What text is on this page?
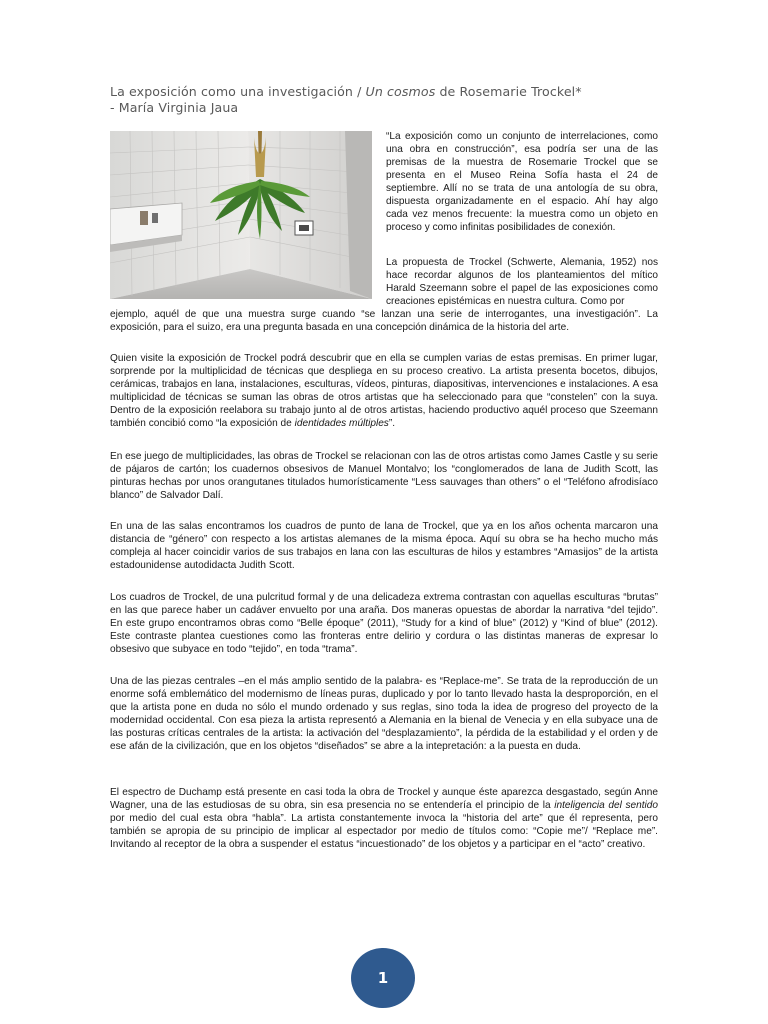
La exposición como una investigación / Un cosmos de Rosemarie Trockel*
- María Virginia Jaua

“La exposición como un conjunto de interrelaciones, como una obra en construcción”, esa podría ser una de las premisas de la muestra de Rosemarie Trockel que se presenta en el Museo Reina Sofía hasta el 24 de septiembre. Allí no se trata de una antología de su obra, dispuesta organizadamente en el espacio. Ahí hay algo cada vez menos frecuente: la muestra como un objeto en proceso y como infinitas posibilidades de conexión.

La propuesta de Trockel (Schwerte, Alemania, 1952) nos hace recordar algunos de los planteamientos del mítico Harald Szeemann sobre el papel de las exposiciones como creaciones epistémicas en nuestra cultura. Como por

ejemplo, aquél de que una muestra surge cuando “se lanzan una serie de interrogantes, una investigación”. La exposición, para el suizo, era una pregunta basada en una concepción dinámica de la historia del arte.

Quien visite la exposición de Trockel podrá descubrir que en ella se cumplen varias de estas premisas. En primer lugar, sorprende por la multiplicidad de técnicas que despliega en su proceso creativo. La artista presenta bocetos, dibujos, cerámicas, trabajos en lana, instalaciones, esculturas, vídeos, pinturas, diapositivas, intervenciones e instalaciones. A esa multiplicidad de técnicas se suman las obras de otros artistas que ha seleccionado para que “constelen” con la suya. Dentro de la exposición reelabora su trabajo junto al de otros artistas, haciendo productivo aquél proceso que Szeemann también concibió como “la exposición de identidades múltiples”.

En ese juego de multiplicidades, las obras de Trockel se relacionan con las de otros artistas como James Castle y su serie de pájaros de cartón; los cuadernos obsesivos de Manuel Montalvo; los “conglomerados de lana de Judith Scott, las pinturas hechas por unos orangutanes titulados humorísticamente “Less sauvages than others” o el “Teléfono afrodisíaco blanco” de Salvador Dalí.

En una de las salas encontramos los cuadros de punto de lana de Trockel, que ya en los años ochenta marcaron una distancia de “género” con respecto a los artistas alemanes de la misma época. Aquí su obra se ha hecho mucho más compleja al hacer coincidir varios de sus trabajos en lana con las esculturas de hilos y estambres “Amasijos” de la artista estadounidense autodidacta Judith Scott.

Los cuadros de Trockel, de una pulcritud formal y de una delicadeza extrema contrastan con aquellas esculturas “brutas” en las que parece haber un cadáver envuelto por una araña. Dos maneras opuestas de abordar la narrativa “del tejido”. En este grupo encontramos obras como “Belle époque” (2011), “Study for a kind of blue” (2012) y “Kind of blue” (2012). Este contraste plantea cuestiones como las fronteras entre delirio y cordura o las distintas maneras de expresar lo obsesivo que subyace en todo “tejido”, en toda “trama”.

Una de las piezas centrales –en el más amplio sentido de la palabra- es “Replace-me”. Se trata de la reproducción de un enorme sofá emblemático del modernismo de líneas puras, duplicado y por lo tanto llevado hasta la desproporción, en el que la artista pone en duda no sólo el mundo ordenado y sus reglas, sino toda la idea de progreso del proyecto de la modernidad occidental. Con esa pieza la artista representó a Alemania en la bienal de Venecia y en ella subyace una de las posturas críticas centrales de la artista: la activación del “desplazamiento”, la pérdida de la estabilidad y el orden y de ese afán de la civilización, que en los objetos “diseñados” se abre a la intepretación: a la puesta en duda.

El espectro de Duchamp está presente en casi toda la obra de Trockel y aunque éste aparezca desgastado, según Anne Wagner, una de las estudiosas de su obra, sin esa presencia no se entendería el principio de la inteligencia del sentido por medio del cual esta obra “habla”. La artista constantemente invoca la “historia del arte” que él representa, pero también se apropia de su principio de implicar al espectador por medio de títulos como: “Copie me”/ “Replace me”. Invitando al receptor de la obra a suspender el estatus “incuestionado” de los objetos y a participar en el “acto” creativo.

1
